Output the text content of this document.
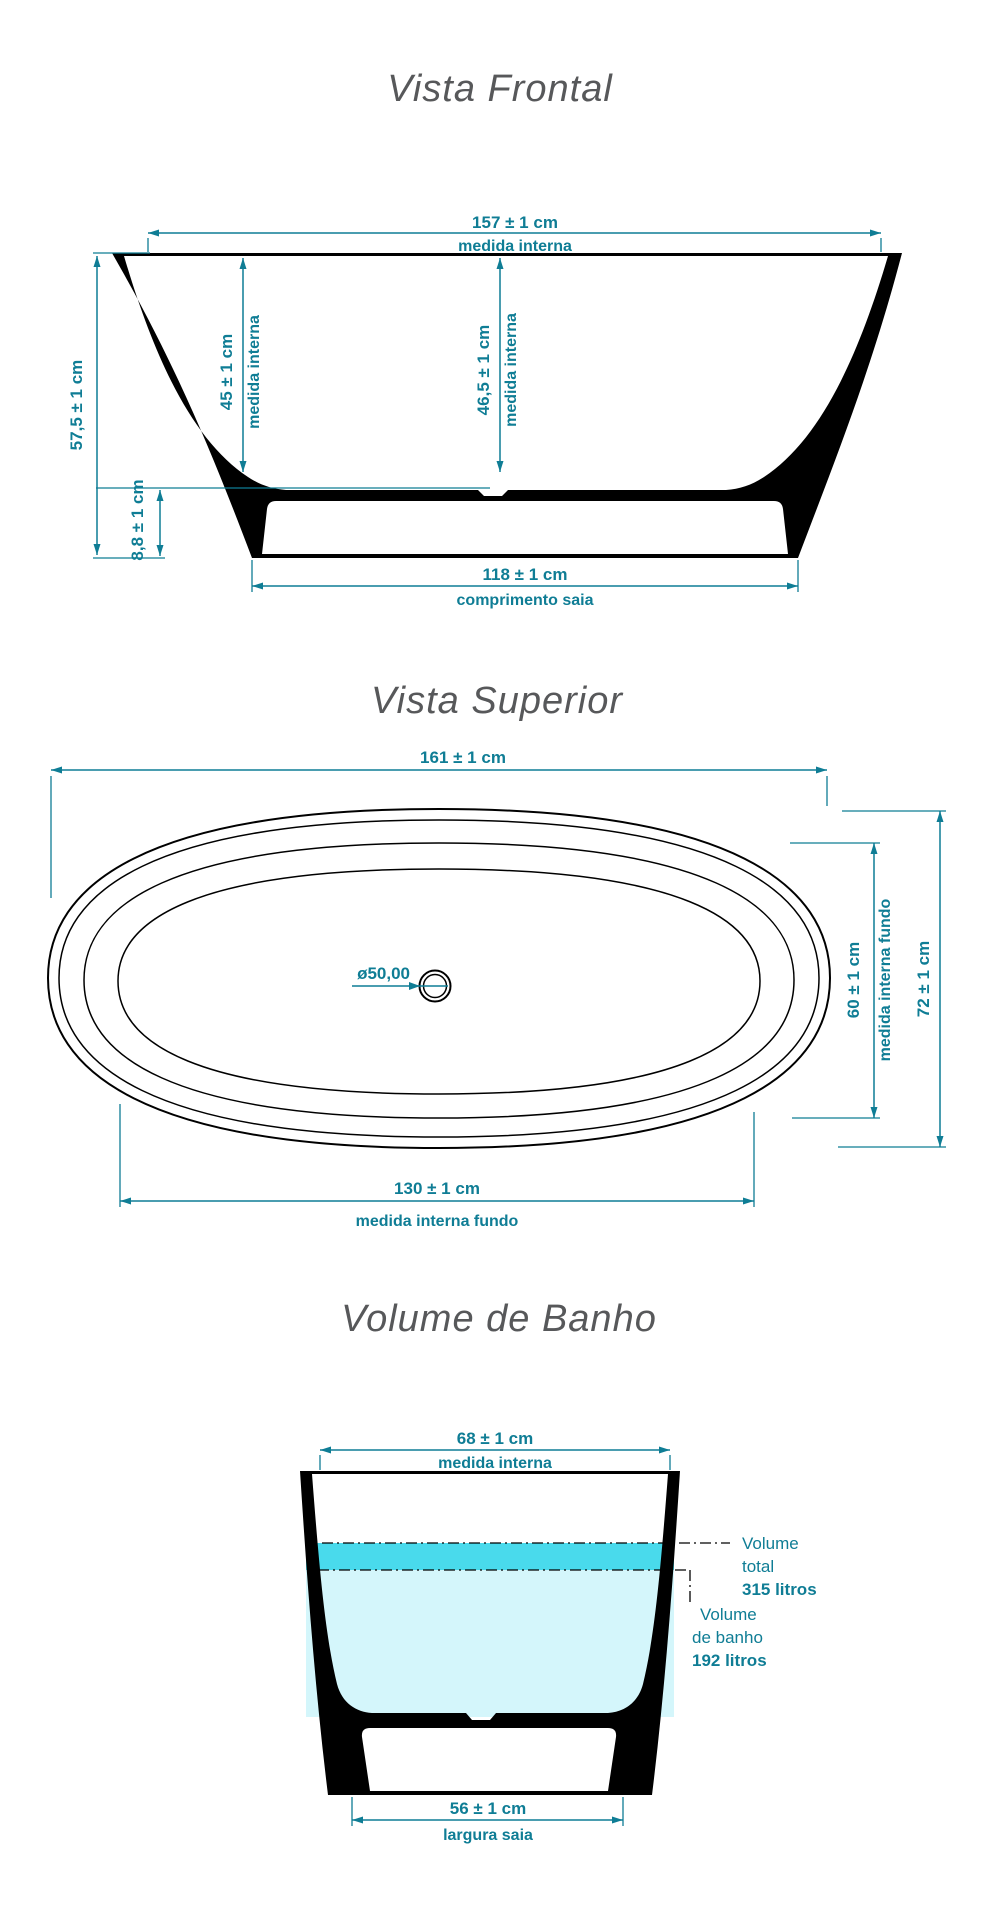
Vista Frontal
157 ± 1 cm
medida interna
57,5 ± 1 cm	45 ± 1 cm medida interna	46,5 ± 1 cm medida interna
8,8 ± 1 cm
118 ± 1 cm
comprimento saia
Vista Superior
ø50,00
161 ± 1 cm
60 ± 1 cm medida interna fundo 72 ± 1 cm
130 ± 1 cm
medida interna fundo
Volume de Banho
Volume
total
315 litros
Volume
de banho
192 litros
68 ± 1 cm
medida interna
56 ± 1 cm
largura saia
